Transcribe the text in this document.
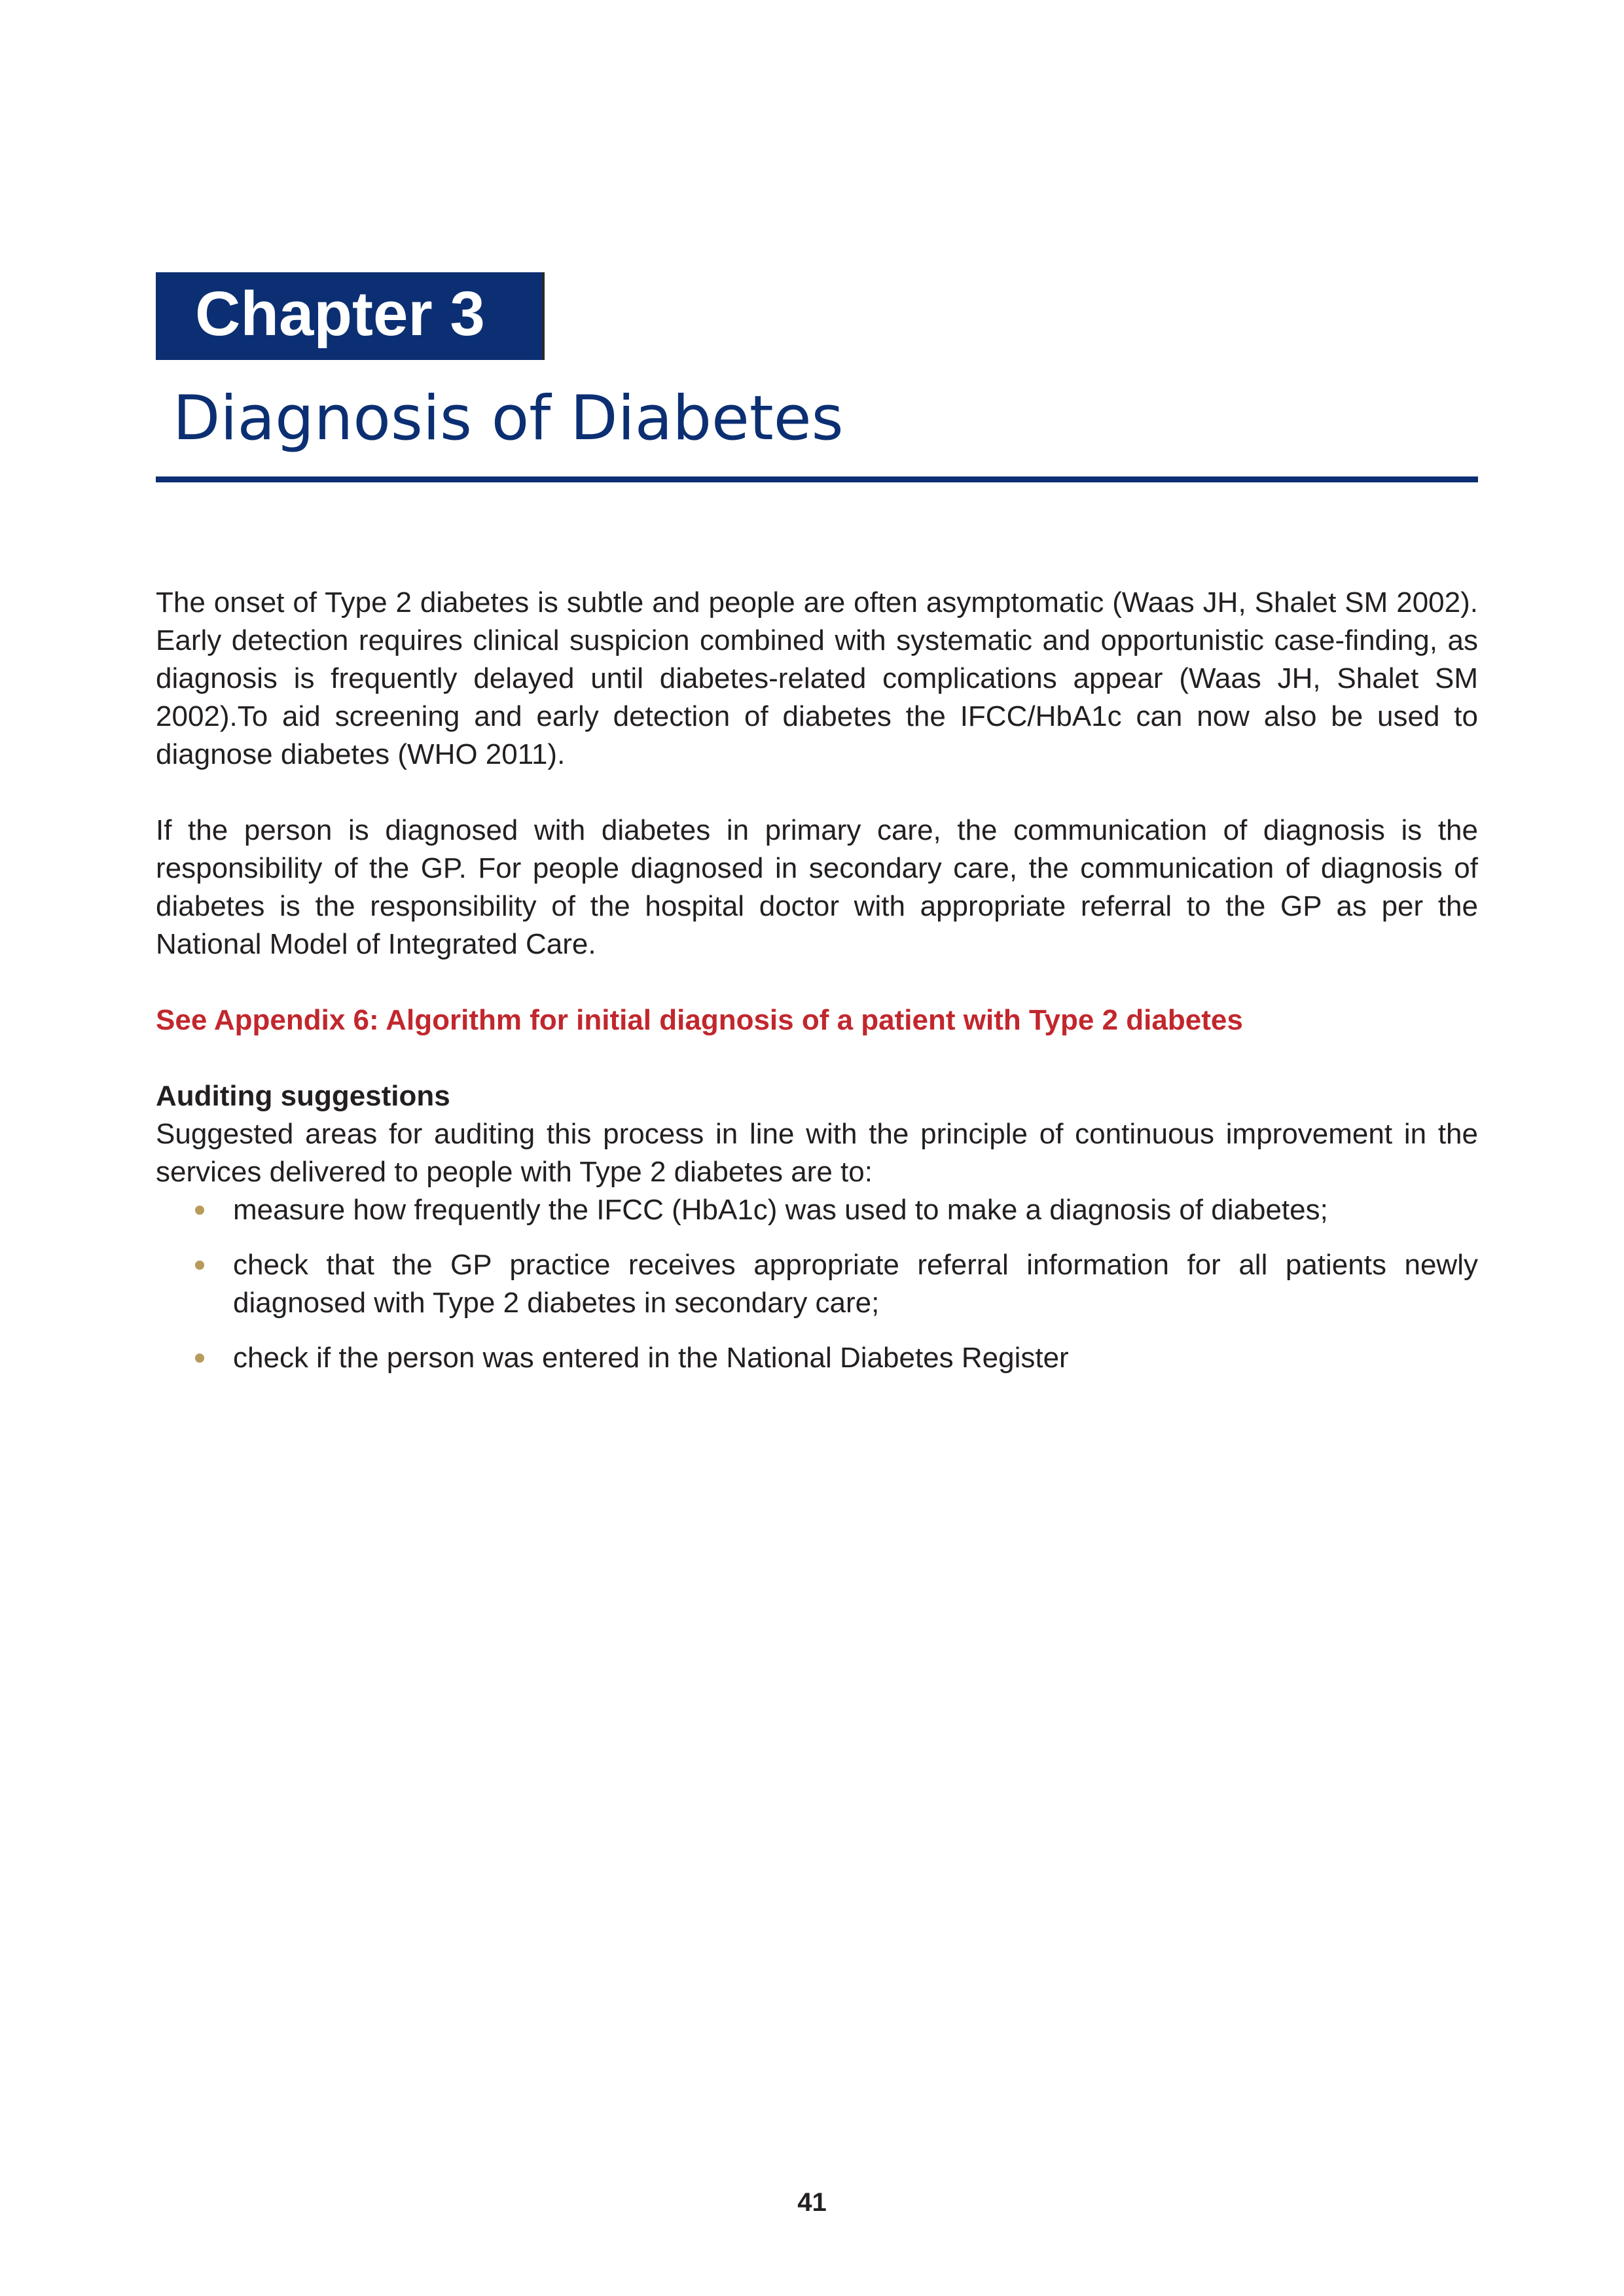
Chapter 3
Diagnosis of Diabetes

The onset of Type 2 diabetes is subtle and people are often asymptomatic (Waas JH, Shalet SM 2002). Early detection requires clinical suspicion combined with systematic and opportunistic case-finding, as diagnosis is frequently delayed until diabetes-related complications appear (Waas JH, Shalet SM 2002).To aid screening and early detection of diabetes the IFCC/HbA1c can now also be used to diagnose diabetes (WHO 2011).

If the person is diagnosed with diabetes in primary care, the communication of diagnosis is the responsibility of the GP. For people diagnosed in secondary care, the communication of diagnosis of diabetes is the responsibility of the hospital doctor with appropriate referral to the GP as per the National Model of Integrated Care.

See Appendix 6: Algorithm for initial diagnosis of a patient with Type 2 diabetes

Auditing suggestions

Suggested areas for auditing this process in line with the principle of continuous improvement in the services delivered to people with Type 2 diabetes are to:

measure how frequently the IFCC (HbA1c) was used to make a diagnosis of diabetes;
check that the GP practice receives appropriate referral information for all patients newly diagnosed with Type 2 diabetes in secondary care;
check if the person was entered in the National Diabetes Register
41
